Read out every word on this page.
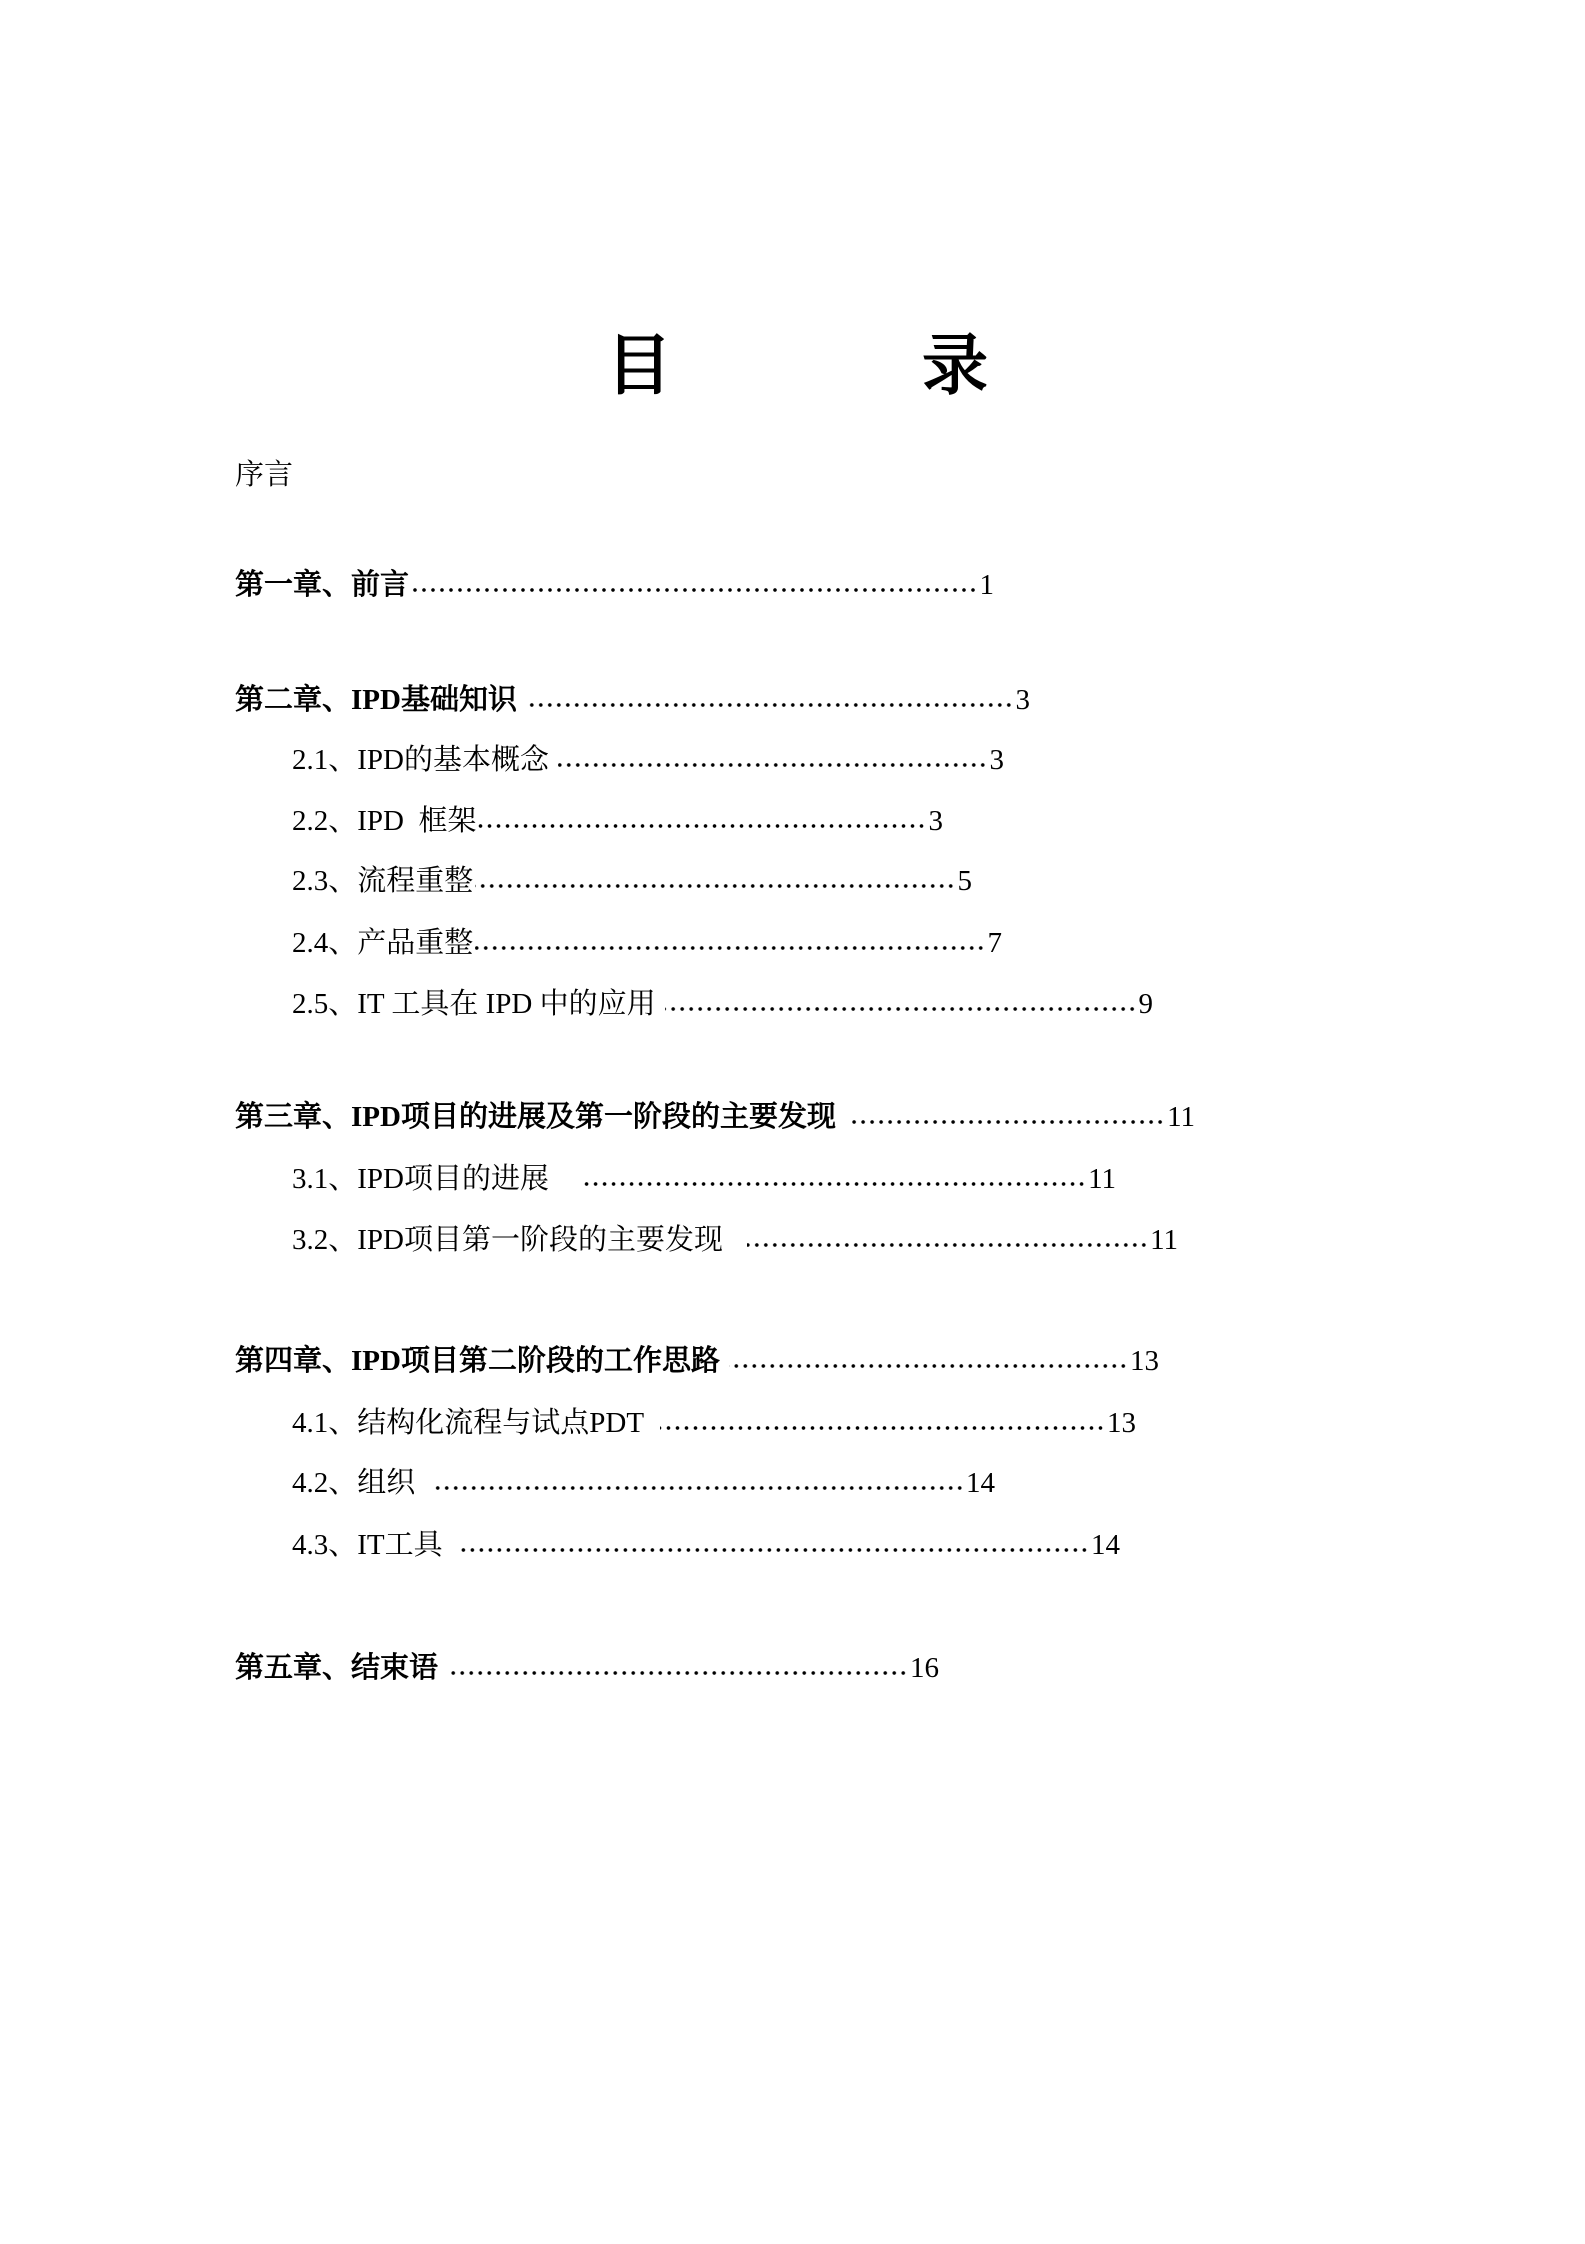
目	录
序言
第一章、前言	1
第二章、IPD基础知识	3
2.1、IPD的基本概念	3
2.2、IPD  框架	3
2.3、流程重整	5
2.4、产品重整	7
2.5、IT 工具在 IPD 中的应用	9
第三章、IPD项目的进展及第一阶段的主要发现	11
3.1、IPD项目的进展	11
3.2、IPD项目第一阶段的主要发现	11
第四章、IPD项目第二阶段的工作思路	13
4.1、结构化流程与试点PDT	13
4.2、组织	14
4.3、IT工具	14
第五章、结束语	16
